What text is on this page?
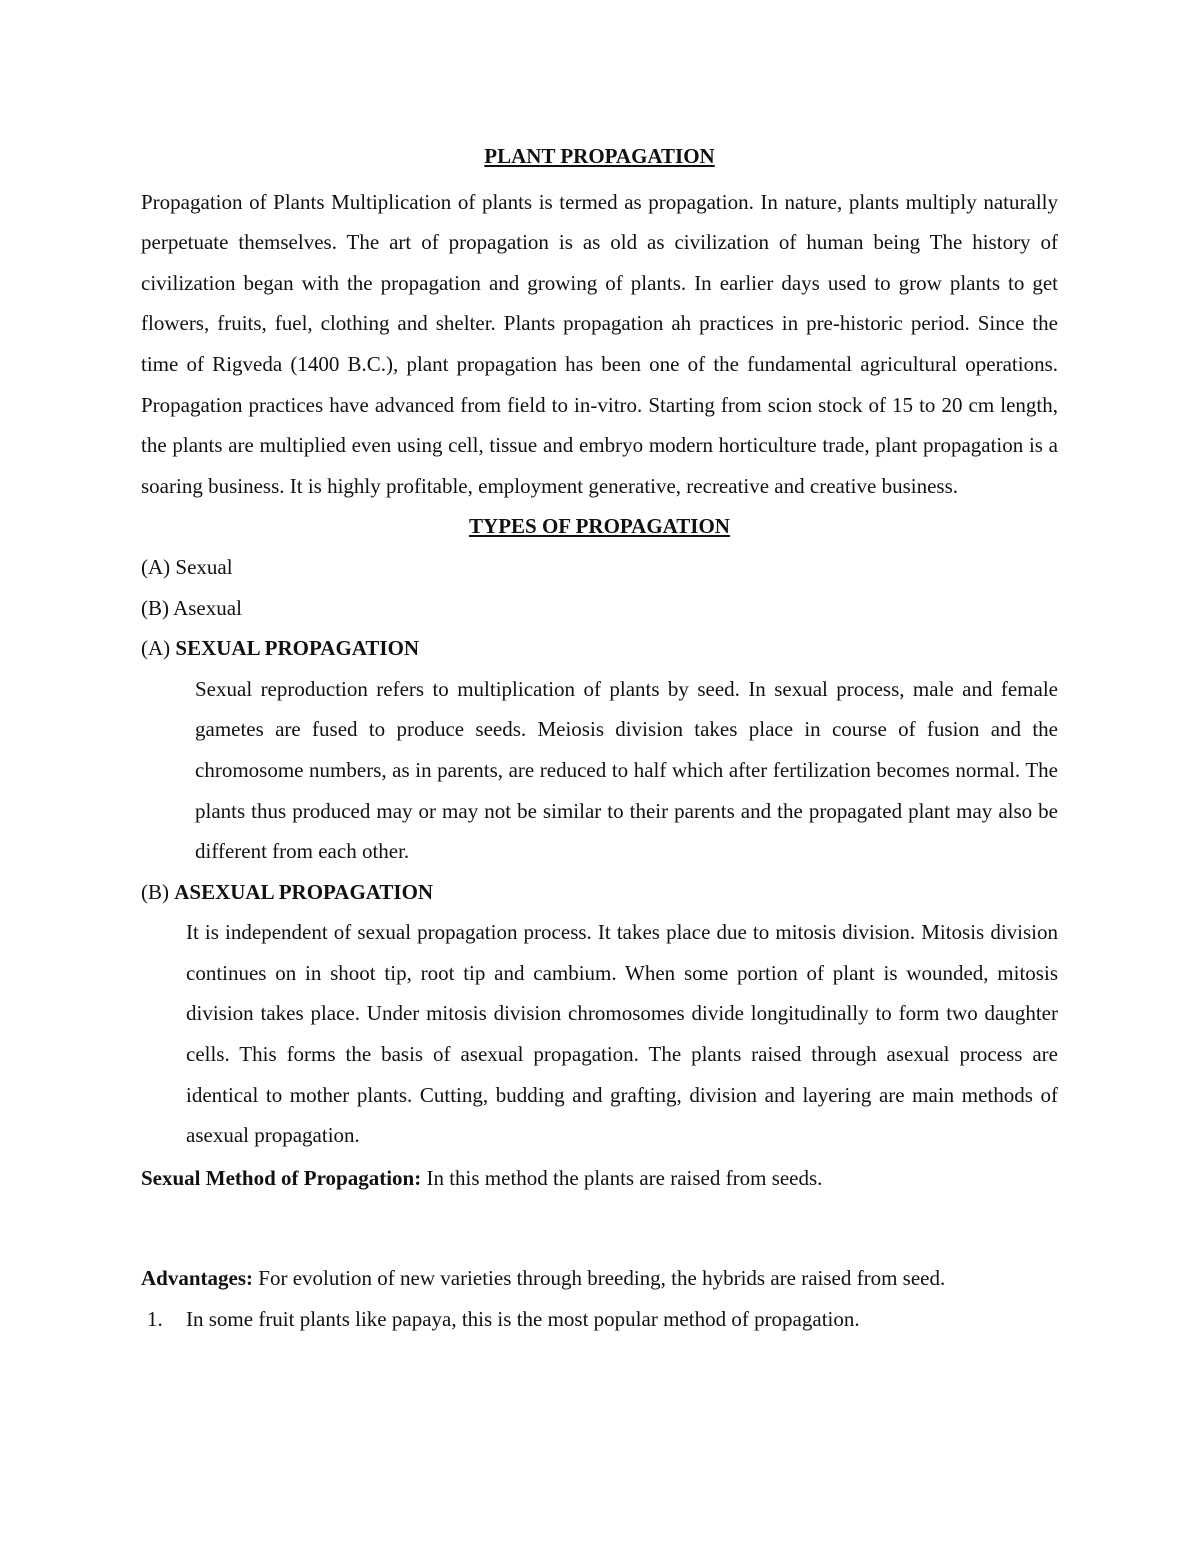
PLANT PROPAGATION

Propagation of Plants Multiplication of plants is termed as propagation. In nature, plants multiply naturally perpetuate themselves. The art of propagation is as old as civilization of human being The history of civilization began with the propagation and growing of plants. In earlier days used to grow plants to get flowers, fruits, fuel, clothing and shelter. Plants propagation ah practices in pre-historic period. Since the time of Rigveda (1400 B.C.), plant propagation has been one of the fundamental agricultural operations. Propagation practices have advanced from field to in-vitro. Starting from scion stock of 15 to 20 cm length, the plants are multiplied even using cell, tissue and embryo modern horticulture trade, plant propagation is a soaring business. It is highly profitable, employment generative, recreative and creative business.

TYPES OF PROPAGATION

(A) Sexual

(B) Asexual

(A) SEXUAL PROPAGATION

Sexual reproduction refers to multiplication of plants by seed. In sexual process, male and female gametes are fused to produce seeds. Meiosis division takes place in course of fusion and the chromosome numbers, as in parents, are reduced to half which after fertilization becomes normal. The plants thus produced may or may not be similar to their parents and the propagated plant may also be different from each other.

(B) ASEXUAL PROPAGATION

It is independent of sexual propagation process. It takes place due to mitosis division. Mitosis division continues on in shoot tip, root tip and cambium. When some portion of plant is wounded, mitosis division takes place. Under mitosis division chromosomes divide longitudinally to form two daughter cells. This forms the basis of asexual propagation. The plants raised through asexual process are identical to mother plants. Cutting, budding and grafting, division and layering are main methods of asexual propagation.

Sexual Method of Propagation: In this method the plants are raised from seeds.

Advantages: For evolution of new varieties through breeding, the hybrids are raised from seed.

1. In some fruit plants like papaya, this is the most popular method of propagation.
